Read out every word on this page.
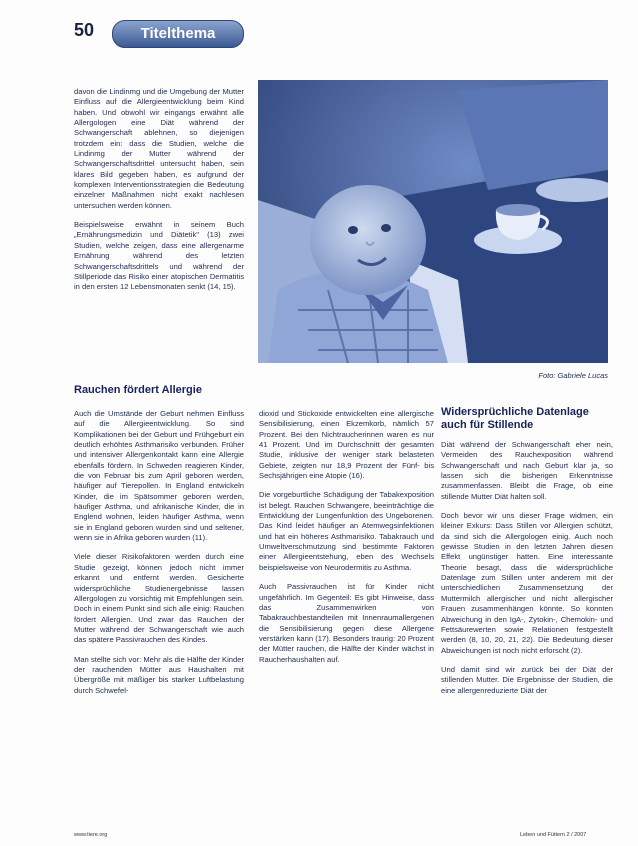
50	Titelthema

davon die Lindinmg und die Umgebung der Mutter Einfluss auf die Allergieentwicklung beim Kind haben. Und obwohl wir eingangs erwähnt alle Allergologen eine Diät während der Schwangerschaft ablehnen, so diejenigen trotzdem ein: dass die Studien, welche die Lindinmg der Mutter während der Schwangerschaftsdrittel untersucht haben, sein klares Bild gegeben haben, es aufgrund der komplexen Interventionsstrategien die Bedeutung einzelner Maßnahmen nicht exakt nachlesen untersuchen werden können.

Beispielsweise erwähnt in seinem Buch „Ernährungsmedizin und Diätetik" (13) zwei Studien, welche zeigen, dass eine allergenarme Ernährung während des letzten Schwangerschaftsdrittels und während der Stillperiode das Risiko einer atopischen Dermatitis in den ersten 12 Lebensmonaten senkt (14, 15).

Rauchen fördert Allergie

Auch die Umstände der Geburt nehmen Einfluss auf die Allergieentwicklung. So sind Komplikationen bei der Geburt und Frühgeburt ein deutlich erhöhtes Asthmarisiko verbunden. Früher und intensiver Allergenkontakt kann eine Allergie ebenfalls fördern. In Schweden reagieren Kinder, die von Februar bis zum April geboren werden, häufiger auf Tierepollen. In England entwickeln Kinder, die im Spätsommer geboren werden, häufiger Asthma, und afrikanische Kinder, die in Englend wohnen, leiden häufiger Asthma, wenn sie in England geboren wurden sind und seltener, wenn sie in Afrika geboren wurden (11).

Viele dieser Risikofaktoren werden durch eine Studie gezeigt, können jedoch nicht immer erkannt und entfernt werden. Gesicherte widersprüchliche Studienergebnisse lassen Allergologen zu vorsichtig mit Empfehlungen sein. Doch in einem Punkt sind sich alle einig: Rauchen fördert Allergien. Und zwar das Rauchen der Mutter während der Schwangerschaft wie auch das spätere Passivrauchen des Kindes.

Man stellte sich vor: Mehr als die Hälfte der Kinder der rauchenden Mütter aus Haushalten mit Übergröße mit mäßiger bis starker Luftbelastung durch Schwefel-

Foto: Gabriele Lucas

dioxid und Stickoxide entwickelten eine allergische Sensibilisierung, einen Ekzemkorb, nämlich 57 Prozent. Bei den Nichtraucherinnen waren es nur 41 Prozent. Und im Durchschnitt der gesamten Studie, inklusive der weniger stark belasteten Gebiete, zeigten nur 18,9 Prozent der Fünf- bis Sechsjährigen eine Atopie (16).

Die vorgeburtliche Schädigung der Tabakexposition ist belegt. Rauchen Schwangere, beeinträchtige die Entwicklung der Lungenfunktion des Ungeborenen. Das Kind leidet häufiger an Atemwegsinfektionen und hat ein höheres Asthmarisiko. Tabakrauch und Umweltverschmutzung sind bestimmte Faktoren einer Allergieentstehung, eben des Wechsels beispielsweise von Neurodermitis zu Asthma.

Auch Passivrauchen ist für Kinder nicht ungefährlich. Im Gegenteil: Es gibt Hinweise, dass das Zusammenwirken von Tabakrauchbestandteilen mit Innenraumallergenen die Sensibilisierung gegen diese Allergene verstärken kann (17). Besonders traurig: 20 Prozent der Mütter rauchen, die Hälfte der Kinder wächst in Raucherhaushalten auf.

Widersprüchliche Datenlage auch für Stillende

Diät während der Schwangerschaft eher nein, Vermeiden des Rauchexposition während Schwangerschaft und nach Geburt klar ja, so lassen sich die bisherigen Erkenntnisse zusammenfassen. Bleibt die Frage, ob eine stillende Mutter Diät halten soll.

Doch bevor wir uns dieser Frage widmen, ein kleiner Exkurs: Dass Stillen vor Allergien schützt, da sind sich die Allergologen einig. Auch noch gewisse Studien in den letzten Jahren diesen Effekt ungünstiger hatten. Eine interessante Theorie besagt, dass die widersprüchliche Datenlage zum Stillen unter anderem mit der unterschiedlichen Zusammensetzung der Muttermilch allergischer und nicht allergischer Frauen zusammenhängen könnte. So konnten Abweichung in den IgA-, Zytokin-, Chemokin- und Fettsäurewerten sowie Relationen festgestellt werden (8, 10, 20, 21, 22). Die Bedeutung dieser Abweichungen ist noch nicht erforscht (2).

Und damit sind wir zurück bei der Diät der stillenden Mutter. Die Ergebnisse der Studien, die eine allergenreduzierte Diät der

www.tiere.org	Leben und Füttern 2 / 2007
